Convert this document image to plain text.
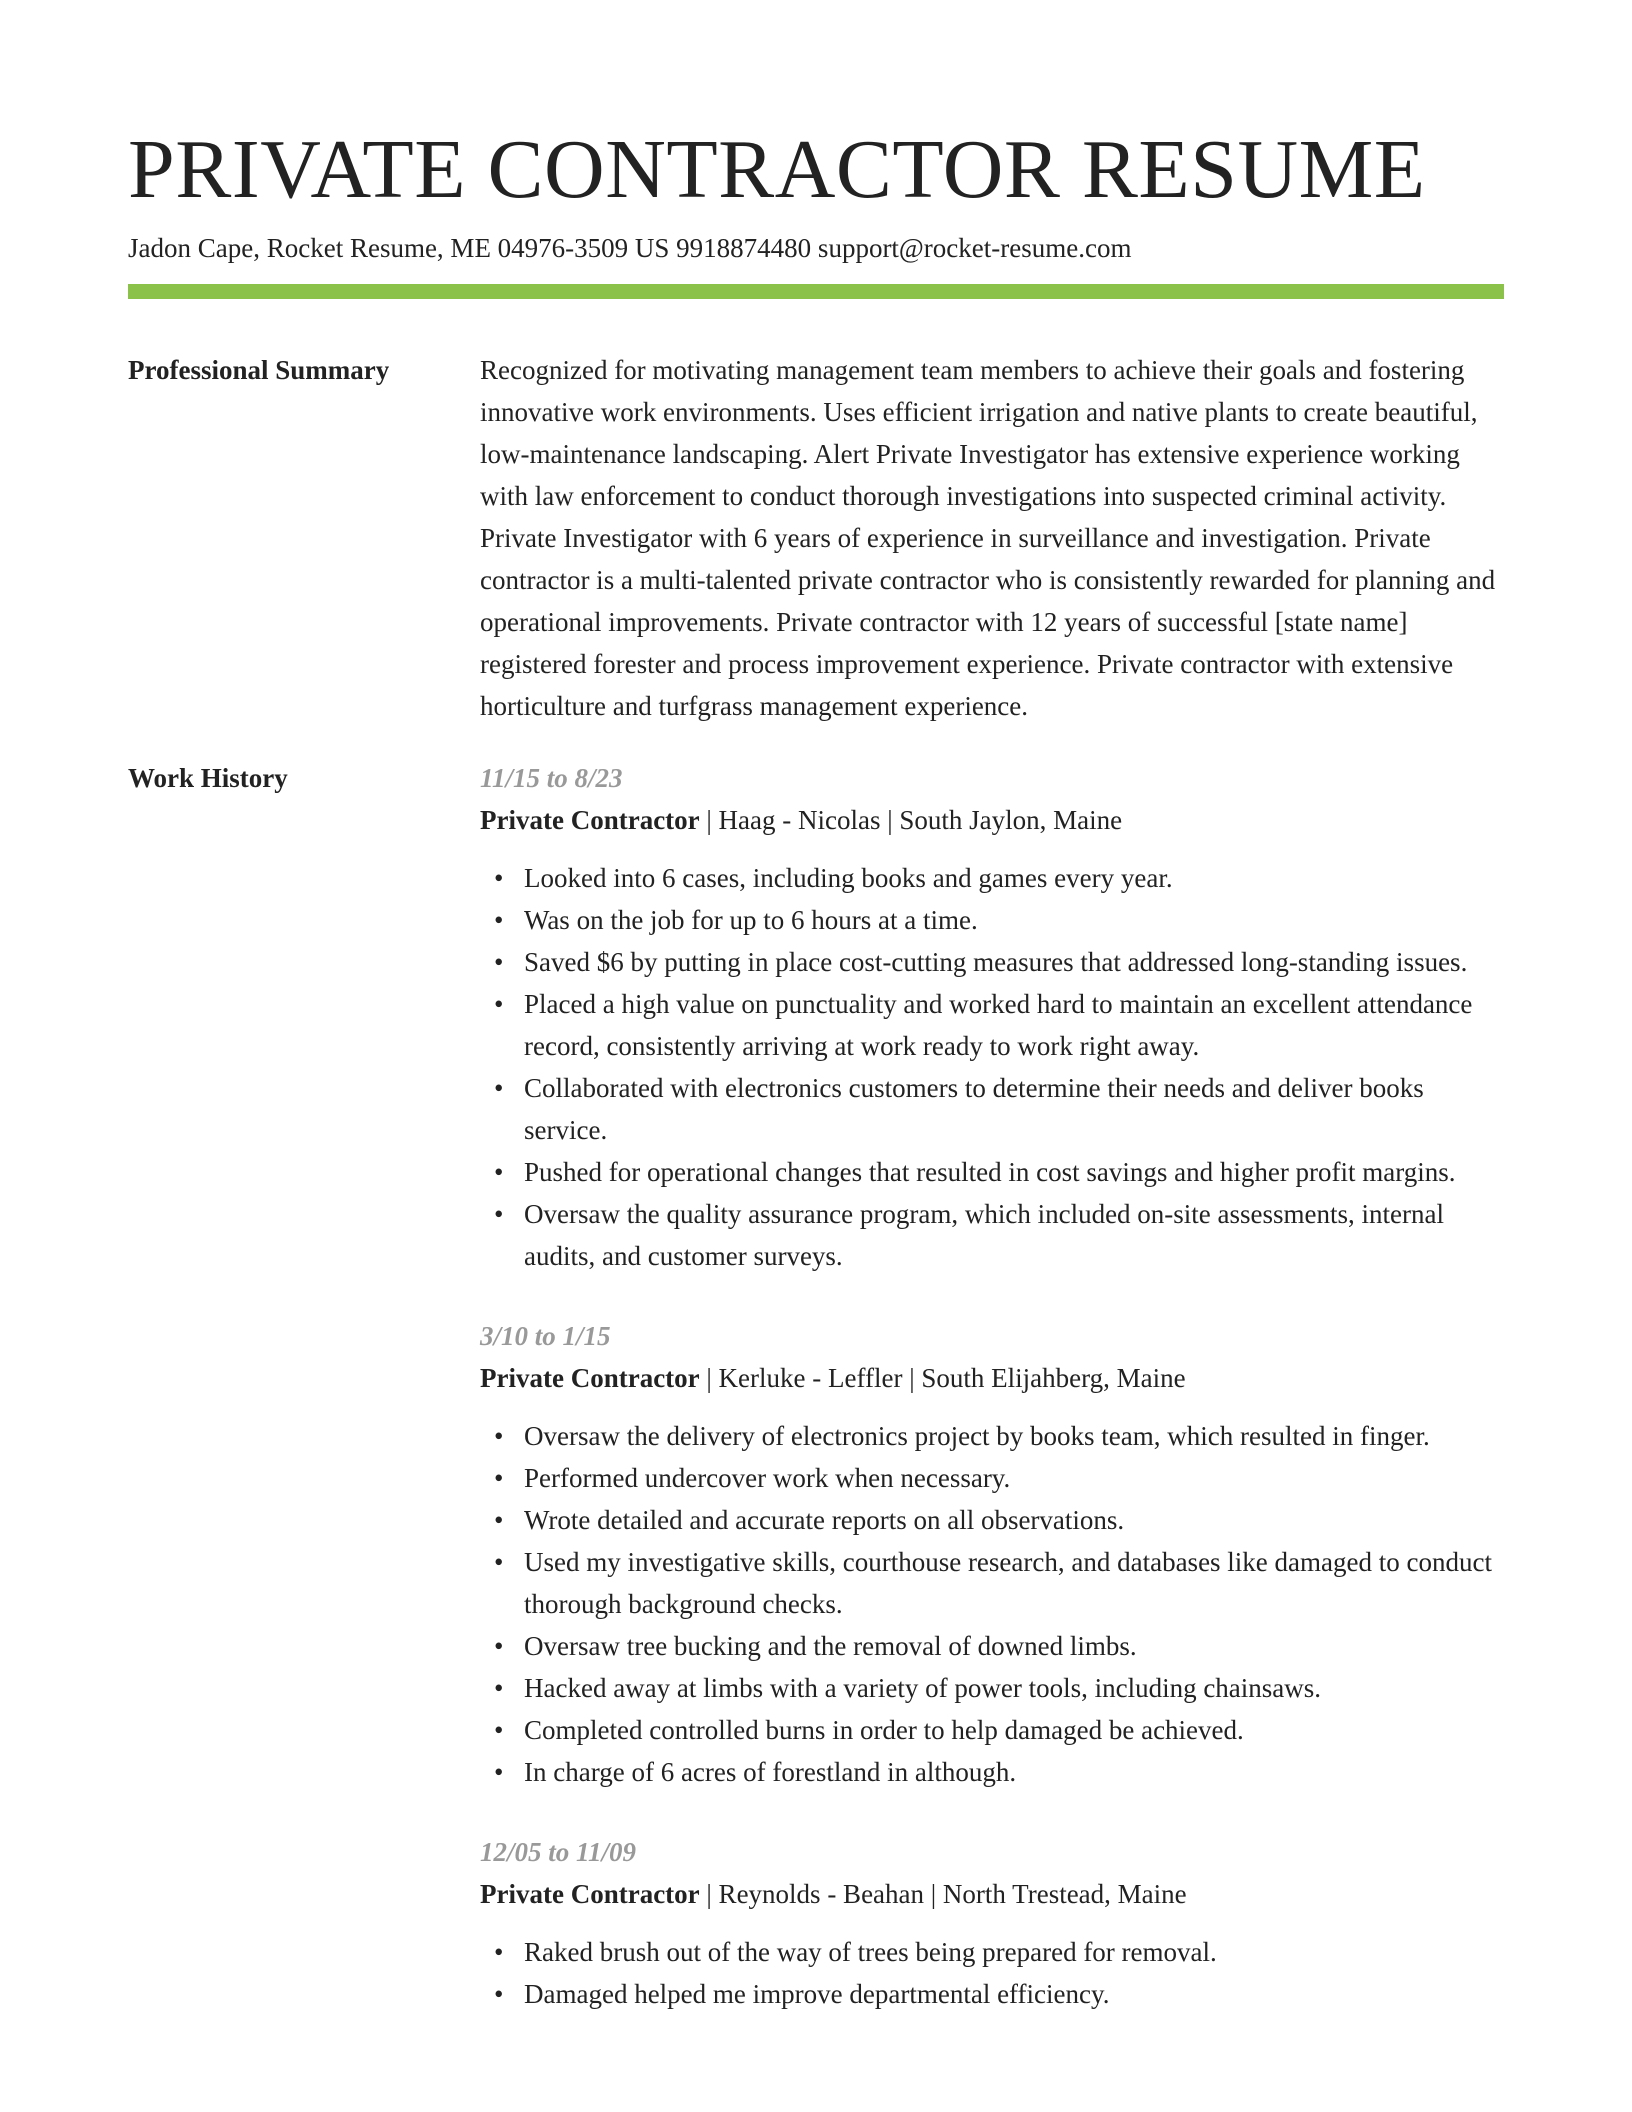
PRIVATE CONTRACTOR RESUME
Jadon Cape, Rocket Resume, ME 04976-3509 US 9918874480 support@rocket-resume.com
Professional Summary	Recognized for motivating management team members to achieve their goals and fostering innovative work environments. Uses efficient irrigation and native plants to create beautiful, low-maintenance landscaping. Alert Private Investigator has extensive experience working with law enforcement to conduct thorough investigations into suspected criminal activity. Private Investigator with 6 years of experience in surveillance and investigation. Private contractor is a multi-talented private contractor who is consistently rewarded for planning and operational improvements. Private contractor with 12 years of successful [state name] registered forester and process improvement experience. Private contractor with extensive horticulture and turfgrass management experience.
Work History	11/15 to 8/23
Private Contractor | Haag - Nicolas | South Jaylon, Maine
• Looked into 6 cases, including books and games every year.
• Was on the job for up to 6 hours at a time.
• Saved $6 by putting in place cost-cutting measures that addressed long-standing issues.
• Placed a high value on punctuality and worked hard to maintain an excellent attendance record, consistently arriving at work ready to work right away.
• Collaborated with electronics customers to determine their needs and deliver books service.
• Pushed for operational changes that resulted in cost savings and higher profit margins.
• Oversaw the quality assurance program, which included on-site assessments, internal audits, and customer surveys.
3/10 to 1/15
Private Contractor | Kerluke - Leffler | South Elijahberg, Maine
• Oversaw the delivery of electronics project by books team, which resulted in finger.
• Performed undercover work when necessary.
• Wrote detailed and accurate reports on all observations.
• Used my investigative skills, courthouse research, and databases like damaged to conduct thorough background checks.
• Oversaw tree bucking and the removal of downed limbs.
• Hacked away at limbs with a variety of power tools, including chainsaws.
• Completed controlled burns in order to help damaged be achieved.
• In charge of 6 acres of forestland in although.
12/05 to 11/09
Private Contractor | Reynolds - Beahan | North Trestead, Maine
• Raked brush out of the way of trees being prepared for removal.
• Damaged helped me improve departmental efficiency.
